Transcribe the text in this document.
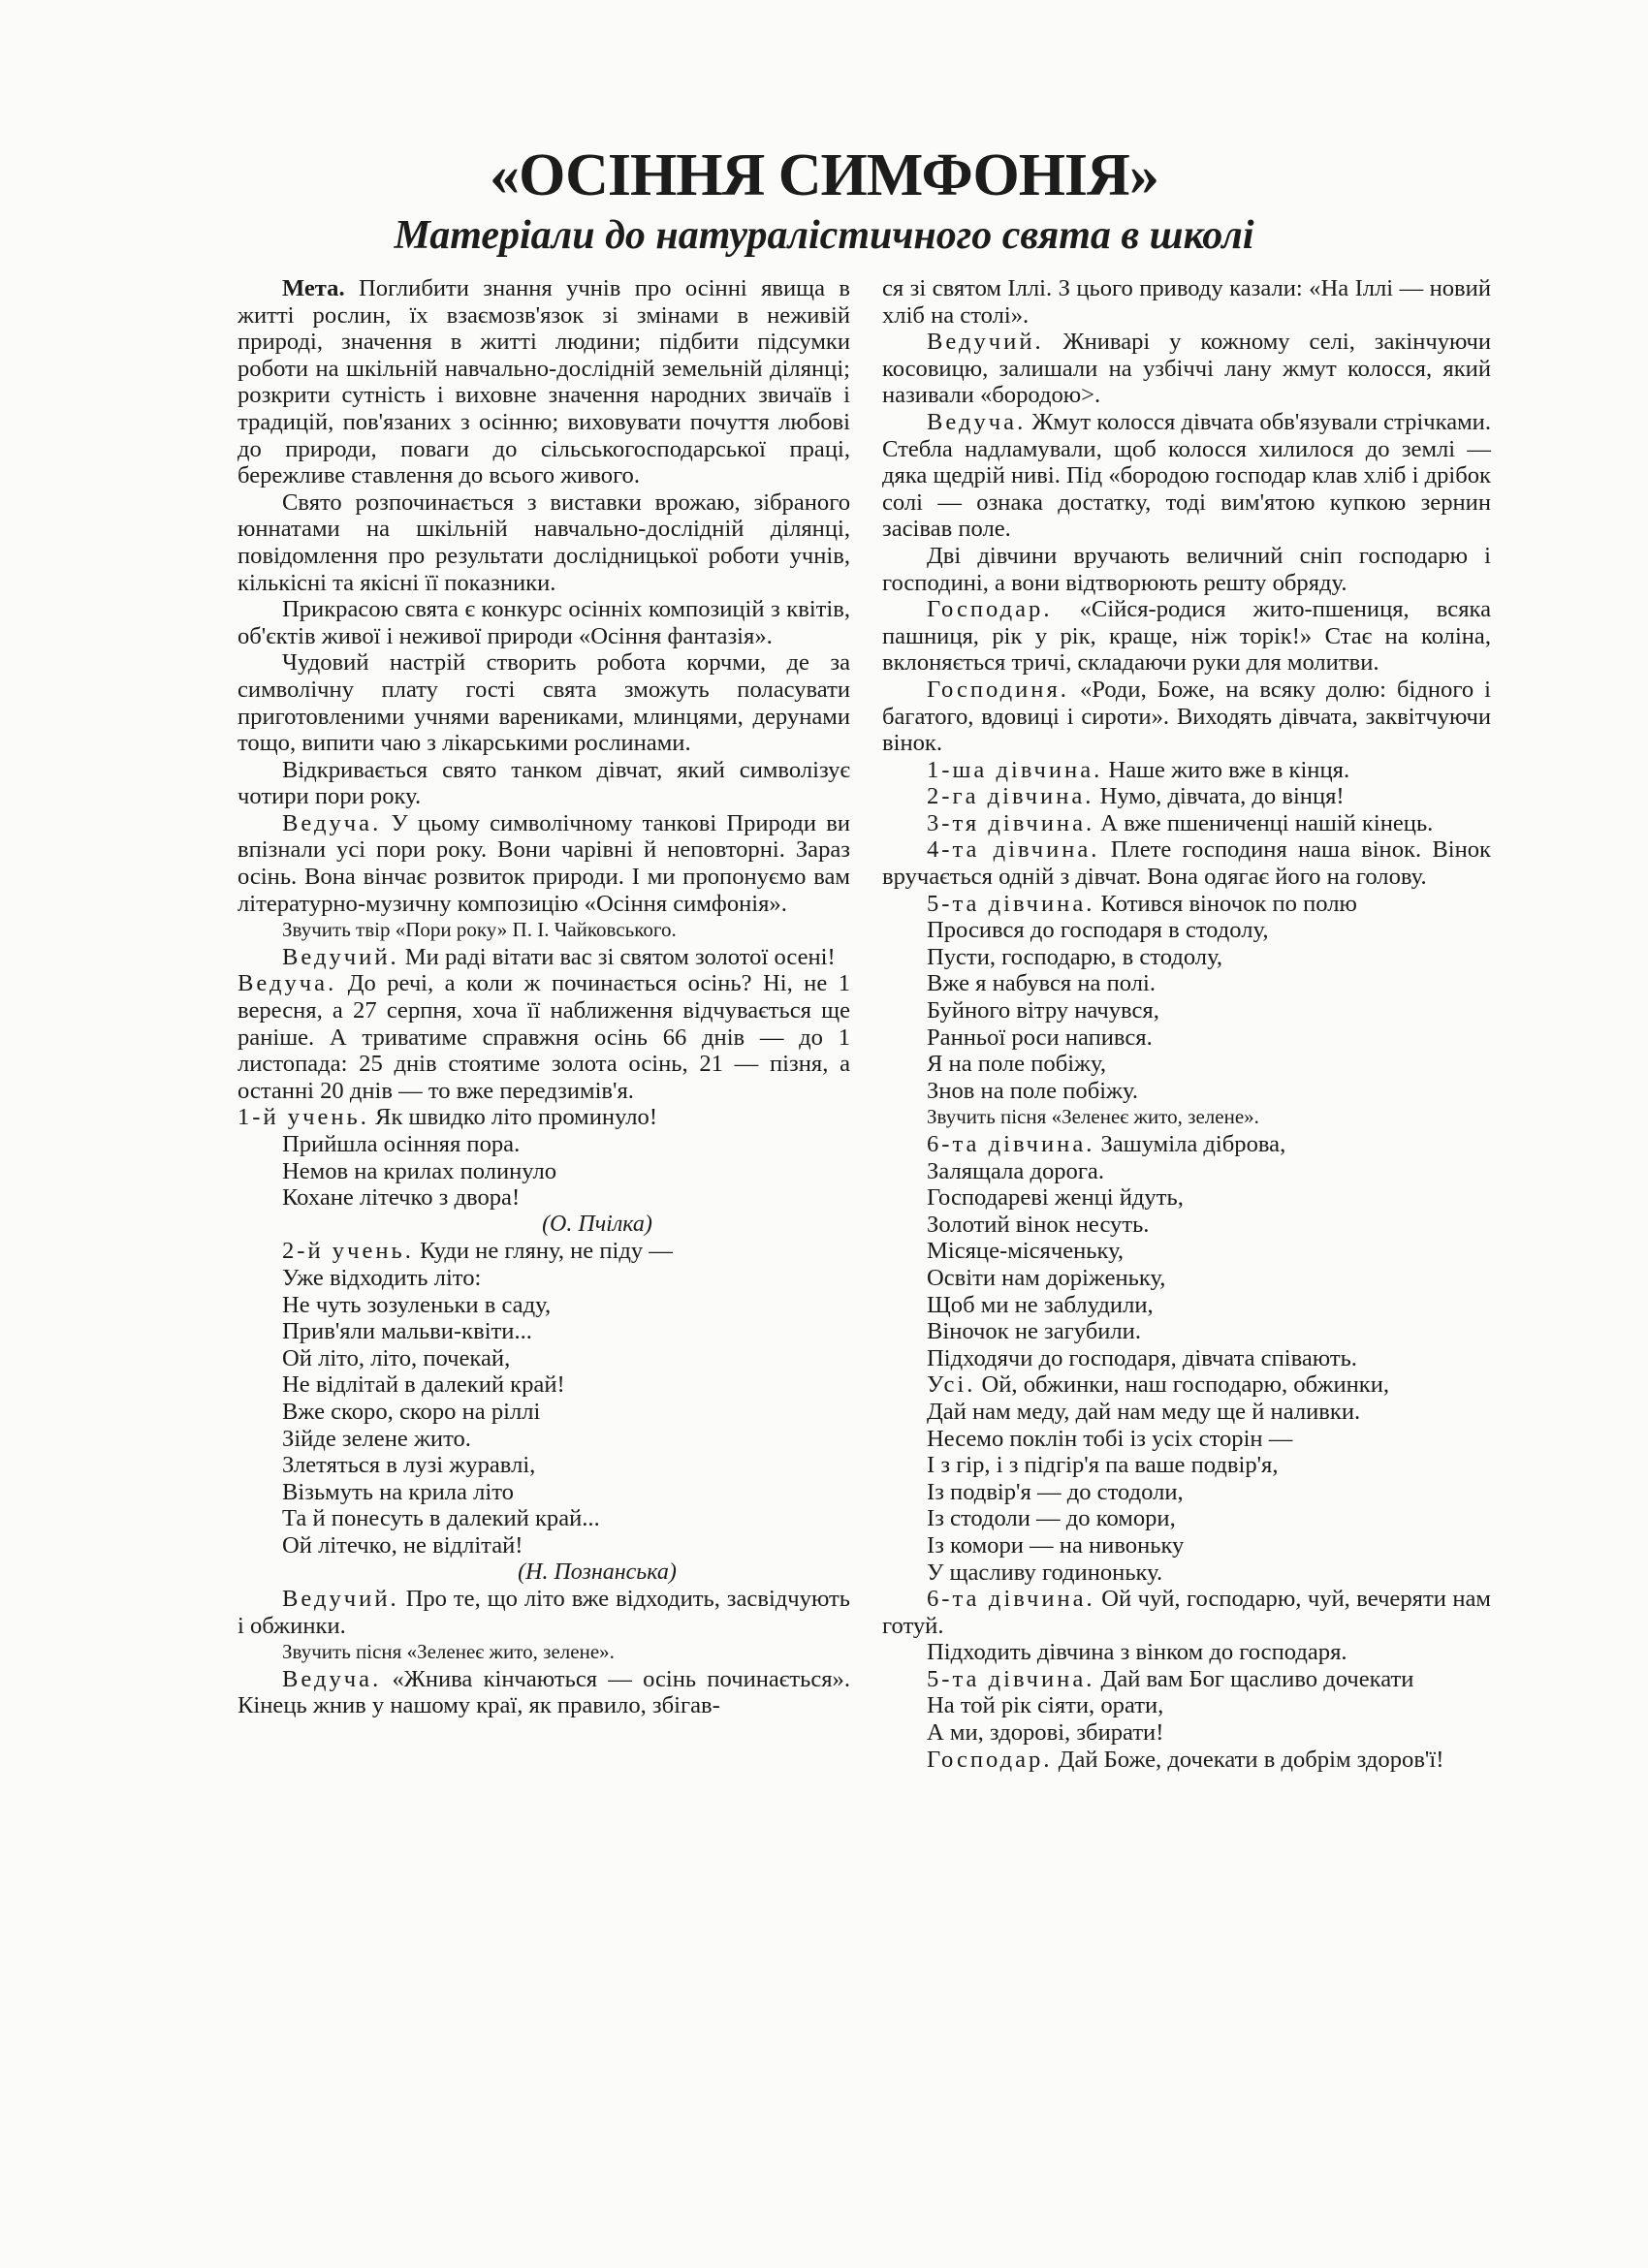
«ОСІННЯ СИМФОНІЯ»
Матеріали до натуралістичного свята в школі

Мета. Поглибити знання учнів про осінні явища в житті рослин, їх взаємозв'язок зі змінами в неживій природі, значення в житті людини; підбити підсумки роботи на шкільній навчально-дослідній земельній ділянці; розкрити сутність і виховне значення народних звичаїв і традицій, пов'язаних з осінню; виховувати почуття любові до природи, поваги до сільськогосподарської праці, бережливе ставлення до всього живого.

Свято розпочинається з виставки врожаю, зібраного юннатами на шкільній навчально-дослідній ділянці, повідомлення про результати дослідницької роботи учнів, кількісні та якісні її показники.

Прикрасою свята є конкурс осінніх композицій з квітів, об'єктів живої і неживої природи «Осіння фантазія».

Чудовий настрій створить робота корчми, де за символічну плату гості свята зможуть поласувати приготовленими учнями варениками, млинцями, дерунами тощо, випити чаю з лікарськими рослинами.

Відкривається свято танком дівчат, який символізує чотири пори року.

Ведуча. У цьому символічному танкові Природи ви впізнали усі пори року. Вони чарівні й неповторні. Зараз осінь. Вона вінчає розвиток природи. І ми пропонуємо вам літературно-музичну композицію «Осіння симфонія».

Звучить твір «Пори року» П. І. Чайковського.

Ведучий. Ми раді вітати вас зі святом золотої осені!

Ведуча. До речі, а коли ж починається осінь? Ні, не 1 вересня, а 27 серпня, хоча її наближення відчувається ще раніше. А триватиме справжня осінь 66 днів — до 1 листопада: 25 днів стоятиме золота осінь, 21 — пізня, а останні 20 днів — то вже передзимів'я.

1-й учень. Як швидко літо проминуло!

Прийшла осінняя пора.

Немов на крилах полинуло

Кохане літечко з двора!

(О. Пчілка)

2-й учень. Куди не гляну, не піду —

Уже відходить літо:

Не чуть зозуленьки в саду,

Прив'яли мальви-квіти...

Ой літо, літо, почекай,

Не відлітай в далекий край!

Вже скоро, скоро на ріллі

Зійде зелене жито.

Злетяться в лузі журавлі,

Візьмуть на крила літо

Та й понесуть в далекий край...

Ой літечко, не відлітай!

(Н. Познанська)

Ведучий. Про те, що літо вже відходить, засвідчують і обжинки.

Звучить пісня «Зеленеє жито, зелене».

Ведуча. «Жнива кінчаються — осінь починається». Кінець жнив у нашому краї, як правило, збігав-

ся зі святом Іллі. З цього приводу казали: «На Іллі — новий хліб на столі».

Ведучий. Жниварі у кожному селі, закінчуючи косовицю, залишали на узбіччі лану жмут колосся, який називали «бородою>.

Ведуча. Жмут колосся дівчата обв'язували стрічками. Стебла надламували, щоб колосся хилилося до землі — дяка щедрій ниві. Під «бородою господар клав хліб і дрібок солі — ознака достатку, тоді вим'ятою купкою зернин засівав поле.

Дві дівчини вручають величний сніп господарю і господині, а вони відтворюють решту обряду.

Господар. «Сійся-родися жито-пшениця, всяка пашниця, рік у рік, краще, ніж торік!» Стає на коліна, вклоняється тричі, складаючи руки для молитви.

Господиня. «Роди, Боже, на всяку долю: бідного і багатого, вдовиці і сироти». Виходять дівчата, заквітчуючи вінок.

1-ша дівчина. Наше жито вже в кінця.

2-га дівчина. Нумо, дівчата, до вінця!

3-тя дівчина. А вже пшениченці нашій кінець.

4-та дівчина. Плете господиня наша вінок. Вінок вручається одній з дівчат. Вона одягає його на голову.

5-та дівчина. Котився віночок по полю

Просився до господаря в стодолу,

Пусти, господарю, в стодолу,

Вже я набувся на полі.

Буйного вітру начувся,

Ранньої роси напився.

Я на поле побіжу,

Знов на поле побіжу.

Звучить пісня «Зеленеє жито, зелене».

6-та дівчина. Зашуміла діброва,

Залящала дорога.

Господареві женці йдуть,

Золотий вінок несуть.

Місяце-місяченьку,

Освіти нам доріженьку,

Щоб ми не заблудили,

Віночок не загубили.

Підходячи до господаря, дівчата співають.

Усі. Ой, обжинки, наш господарю, обжинки,

Дай нам меду, дай нам меду ще й наливки.

Несемо поклін тобі із усіх сторін —

І з гір, і з підгір'я па ваше подвір'я,

Із подвір'я — до стодоли,

Із стодоли — до комори,

Із комори — на нивоньку

У щасливу годиноньку.

6-та дівчина. Ой чуй, господарю, чуй, вечеряти нам готуй.

Підходить дівчина з вінком до господаря.

5-та дівчина. Дай вам Бог щасливо дочекати

На той рік сіяти, орати,

А ми, здорові, збирати!

Господар. Дай Боже, дочекати в добрім здоров'ї!
